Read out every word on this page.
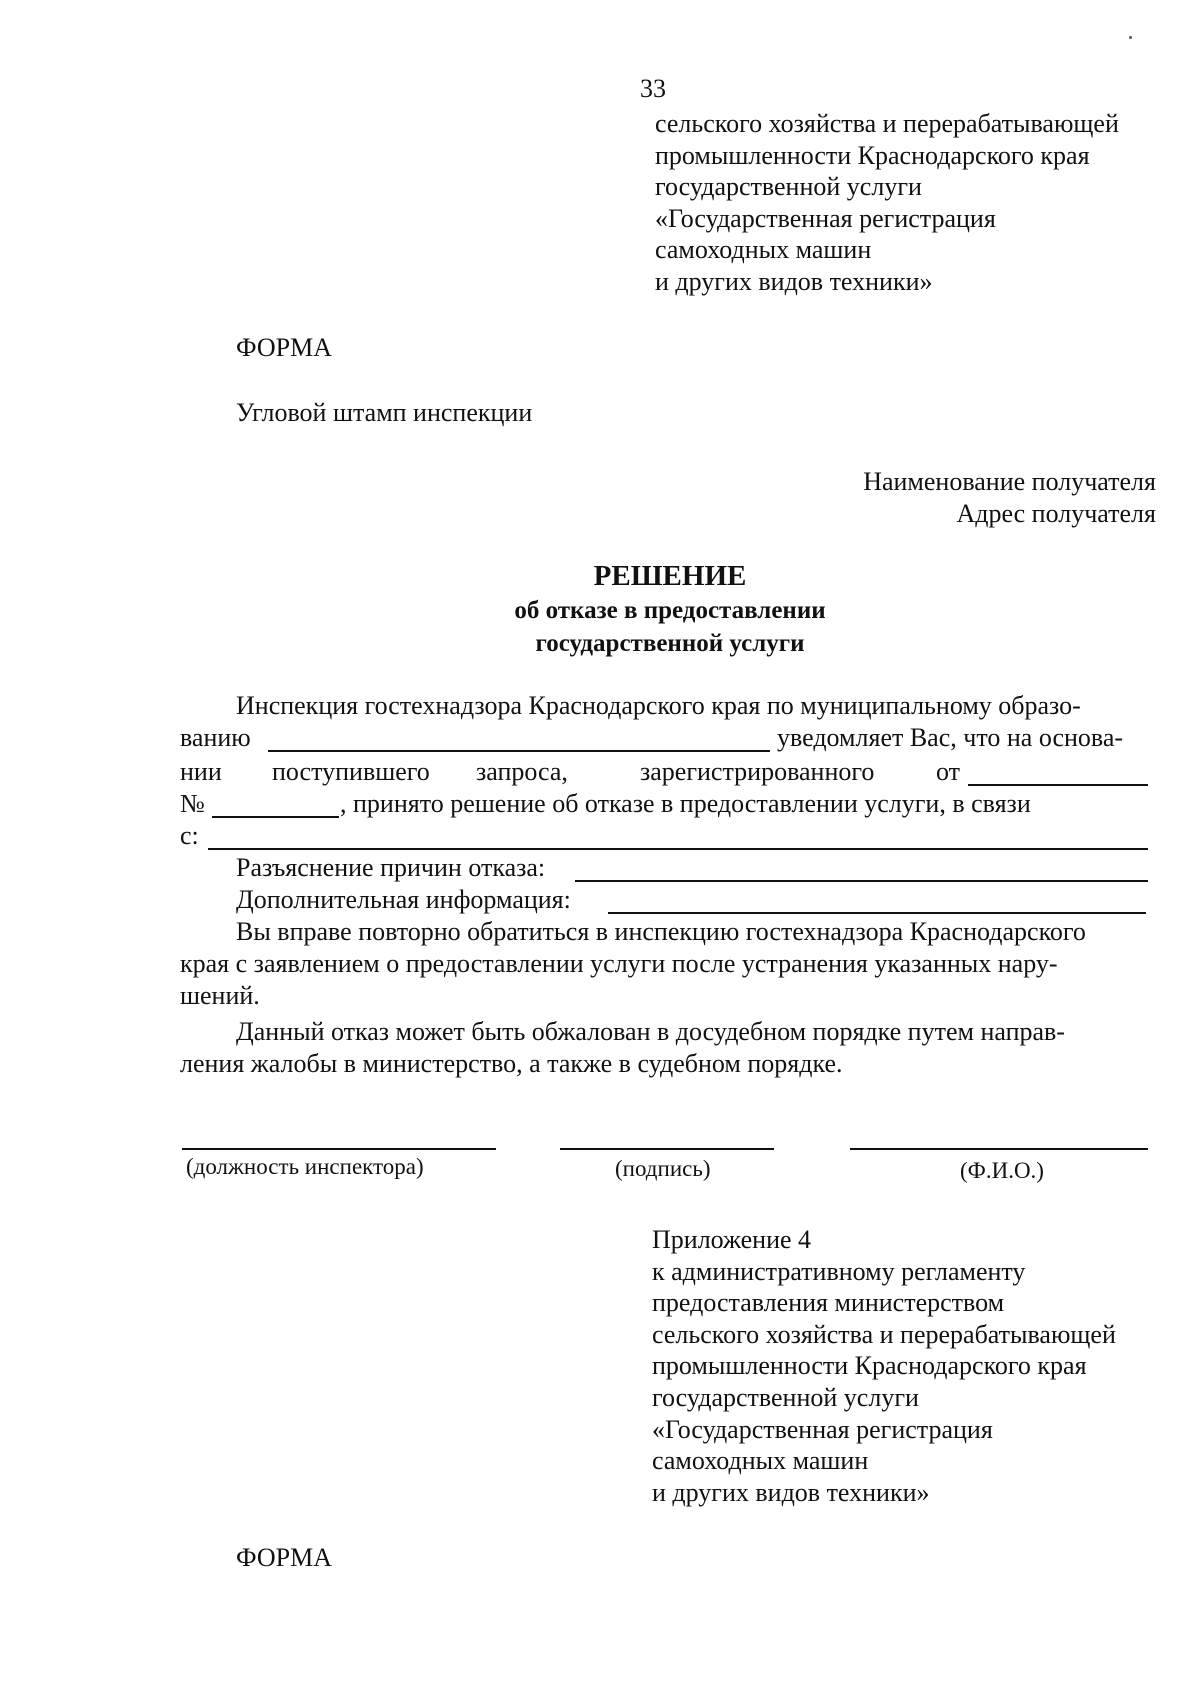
33
сельского хозяйства и перерабатывающей
промышленности Краснодарского края
государственной услуги
«Государственная регистрация
самоходных машин
и других видов техники»
ФОРМА
Угловой штамп инспекции
Наименование получателя
Адрес получателя
РЕШЕНИЕ
об отказе в предоставлении
государственной услуги
Инспекция гостехнадзора Краснодарского края по муниципальному образо-
ванию	уведомляет Вас, что на основа-
нии поступившего запроса,	зарегистрированного от
№	, принято решение об отказе в предоставлении услуги, в связи
с:
Разъяснение причин отказа:
Дополнительная информация:
Вы вправе повторно обратиться в инспекцию гостехнадзора Краснодарского
края с заявлением о предоставлении услуги после устранения указанных нару-
шений.
Данный отказ может быть обжалован в досудебном порядке путем направ-
ления жалобы в министерство, а также в судебном порядке.
(должность инспектора)	(подпись)	(Ф.И.О.)
Приложение 4
к административному регламенту
предоставления министерством
сельского хозяйства и перерабатывающей
промышленности Краснодарского края
государственной услуги
«Государственная регистрация
самоходных машин
и других видов техники»
ФОРМА
